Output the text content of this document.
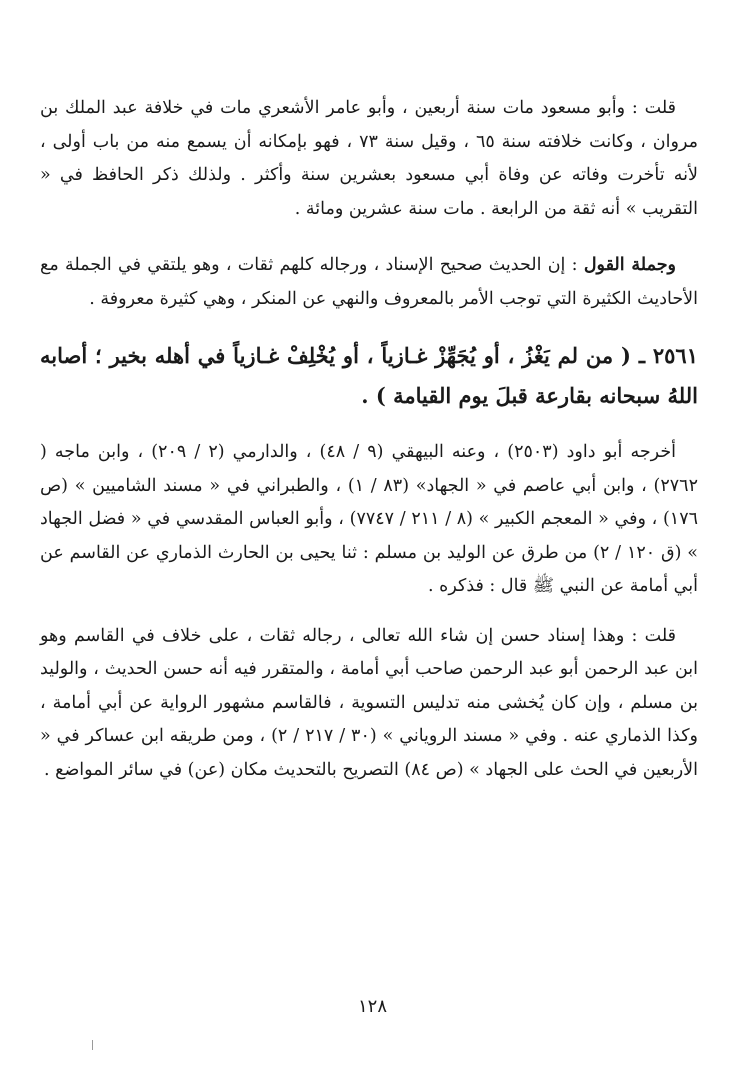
قلت : وأبو مسعود مات سنة أربعين ، وأبو عامر الأشعري مات في خلافة عبد الملك بن مروان ، وكانت خلافته سنة ٦٥ ، وقيل سنة ٧٣ ، فهو بإمكانه أن يسمع منه من باب أولى ، لأنه تأخرت وفاته عن وفاة أبي مسعود بعشرين سنة وأكثر . ولذلك ذكر الحافظ في « التقريب » أنه ثقة من الرابعة . مات سنة عشرين ومائة .

وجملة القول : إن الحديث صحيح الإسناد ، ورجاله كلهم ثقات ، وهو يلتقي في الجملة مع الأحاديث الكثيرة التي توجب الأمر بالمعروف والنهي عن المنكر ، وهي كثيرة معروفة .

٢٥٦١ ـ ( من لم يَغْزُ ، أو يُجَهِّزْ غـازياً ، أو يُخْلِفْ غـازياً في أهله بخير ؛ أصابه اللهُ سبحانه بقارعة قبلَ يوم القيامة ) .

أخرجه أبو داود (٢٥٠٣) ، وعنه البيهقي (٩ / ٤٨) ، والدارمي (٢ / ٢٠٩) ، وابن ماجه ( ٢٧٦٢) ، وابن أبي عاصم في « الجهاد» (٨٣ / ١) ، والطبراني في « مسند الشاميين » (ص ١٧٦) ، وفي « المعجم الكبير » (٨ / ٢١١ / ٧٧٤٧) ، وأبو العباس المقدسي في « فضل الجهاد » (ق ١٢٠ / ٢) من طرق عن الوليد بن مسلم : ثنا يحيى بن الحارث الذماري عن القاسم عن أبي أمامة عن النبي ﷺ قال : فذكره .

قلت : وهذا إسناد حسن إن شاء الله تعالى ، رجاله ثقات ، على خلاف في القاسم وهو ابن عبد الرحمن أبو عبد الرحمن صاحب أبي أمامة ، والمتقرر فيه أنه حسن الحديث ، والوليد بن مسلم ، وإن كان يُخشى منه تدليس التسوية ، فالقاسم مشهور الرواية عن أبي أمامة ، وكذا الذماري عنه . وفي « مسند الروياني » (٣٠ / ٢١٧ / ٢) ، ومن طريقه ابن عساكر في « الأربعين في الحث على الجهاد » (ص ٨٤) التصريح بالتحديث مكان (عن) في سائر المواضع .

١٢٨
